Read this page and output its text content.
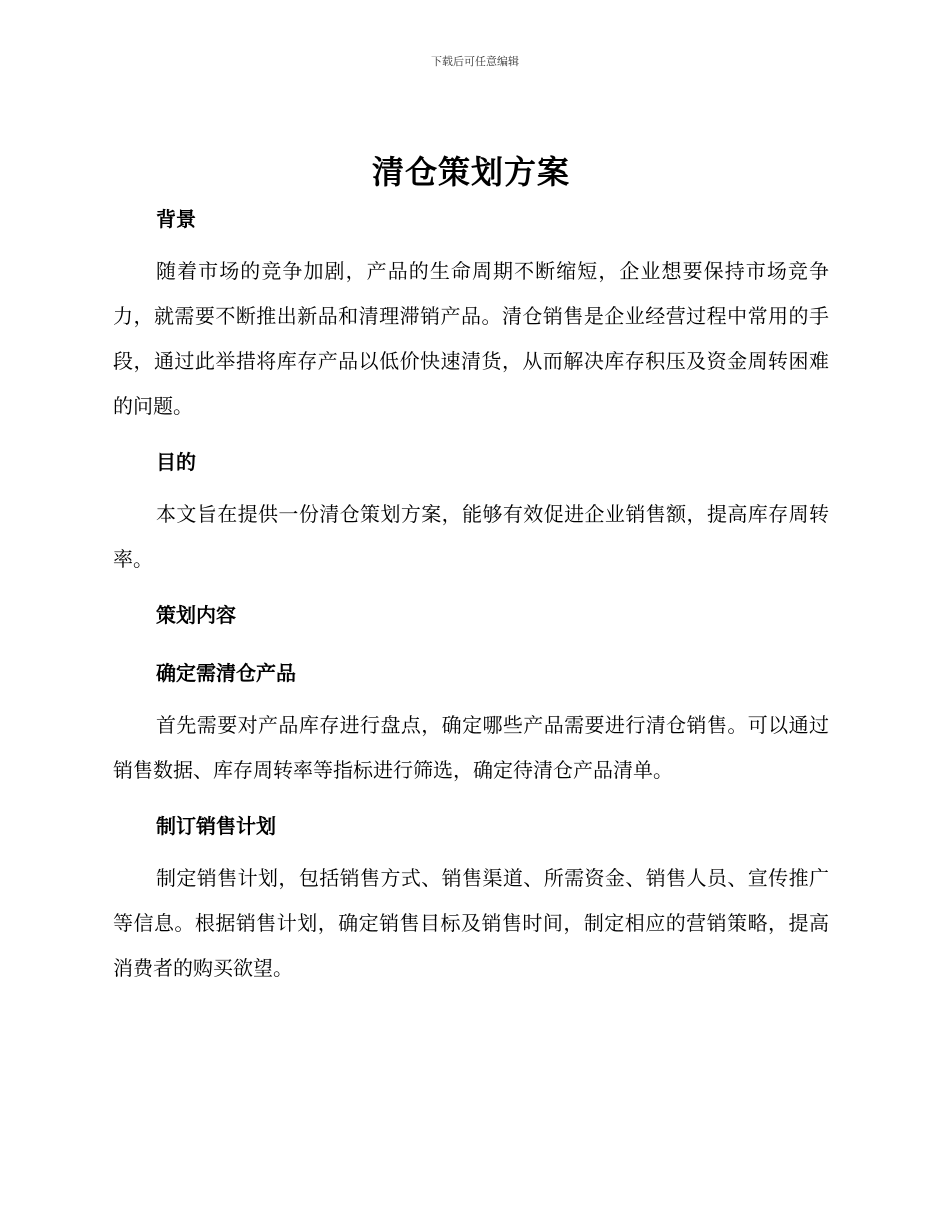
下载后可任意编辑
清仓策划方案
背景

随着市场的竞争加剧，产品的生命周期不断缩短，企业想要保持市场竞争力，就需要不断推出新品和清理滞销产品。清仓销售是企业经营过程中常用的手段，通过此举措将库存产品以低价快速清货，从而解决库存积压及资金周转困难的问题。

目的

本文旨在提供一份清仓策划方案，能够有效促进企业销售额，提高库存周转率。

策划内容
确定需清仓产品

首先需要对产品库存进行盘点，确定哪些产品需要进行清仓销售。可以通过销售数据、库存周转率等指标进行筛选，确定待清仓产品清单。

制订销售计划

制定销售计划，包括销售方式、销售渠道、所需资金、销售人员、宣传推广等信息。根据销售计划，确定销售目标及销售时间，制定相应的营销策略，提高消费者的购买欲望。
